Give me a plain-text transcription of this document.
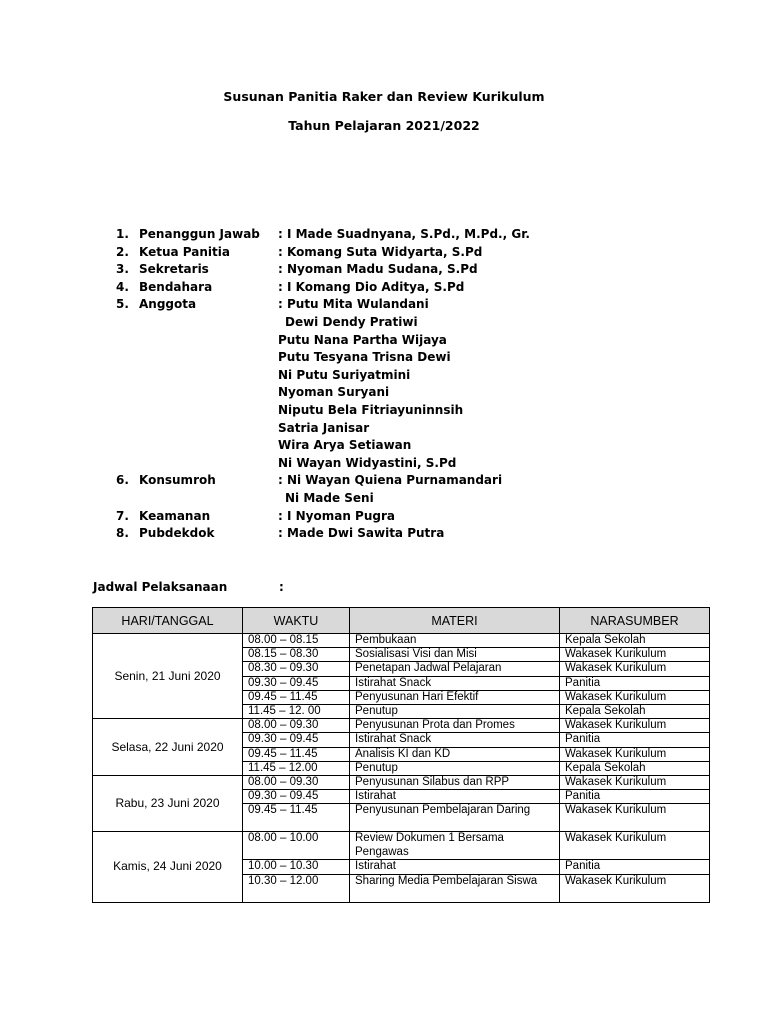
Susunan Panitia Raker dan Review Kurikulum
Tahun Pelajaran 2021/2022
1. Penanggun Jawab : I Made Suadnyana, S.Pd., M.Pd., Gr.
2. Ketua Panitia	: Komang Suta Widyarta, S.Pd
3. Sekretaris	: Nyoman Madu Sudana, S.Pd
4. Bendahara	: I Komang Dio Aditya, S.Pd
5. Anggota	: Putu Mita Wulandani
Dewi Dendy Pratiwi
Putu Nana Partha Wijaya
Putu Tesyana Trisna Dewi
Ni Putu Suriyatmini
Nyoman Suryani
Niputu Bela Fitriayuninnsih
Satria Janisar
Wira Arya Setiawan
Ni Wayan Widyastini, S.Pd
6. Konsumroh	: Ni Wayan Quiena Purnamandari
Ni Made Seni
7. Keamanan	: I Nyoman Pugra
8. Pubdekdok	: Made Dwi Sawita Putra
Jadwal Pelaksanaan	:
HARI/TANGGAL	WAKTU	MATERI	NARASUMBER
Senin, 21 Juni 2020	08.00 – 08.15	Pembukaan	Kepala Sekolah
	08.15 – 08.30	Sosialisasi Visi dan Misi	Wakasek Kurikulum
	08.30 – 09.30	Penetapan Jadwal Pelajaran	Wakasek Kurikulum
	09.30 – 09.45	Istirahat Snack	Panitia
	09.45 – 11.45	Penyusunan Hari Efektif	Wakasek Kurikulum
	11.45 – 12. 00	Penutup	Kepala Sekolah
Selasa, 22 Juni 2020	08.00 – 09.30	Penyusunan Prota dan Promes	Wakasek Kurikulum
	09.30 – 09.45	Istirahat Snack	Panitia
	09.45 – 11.45	Analisis KI dan KD	Wakasek Kurikulum
	11.45 – 12.00	Penutup	Kepala Sekolah
Rabu, 23 Juni 2020	08.00 – 09.30	Penyusunan Silabus dan RPP	Wakasek Kurikulum
	09.30 – 09.45	Istirahat	Panitia
	09.45 – 11.45	Penyusunan Pembelajaran Daring	Wakasek Kurikulum
Kamis, 24 Juni 2020	08.00 – 10.00	Review Dokumen 1 Bersama Pengawas	Wakasek Kurikulum
	10.00 – 10.30	Istirahat	Panitia
	10.30 – 12.00	Sharing Media Pembelajaran Siswa	Wakasek Kurikulum
